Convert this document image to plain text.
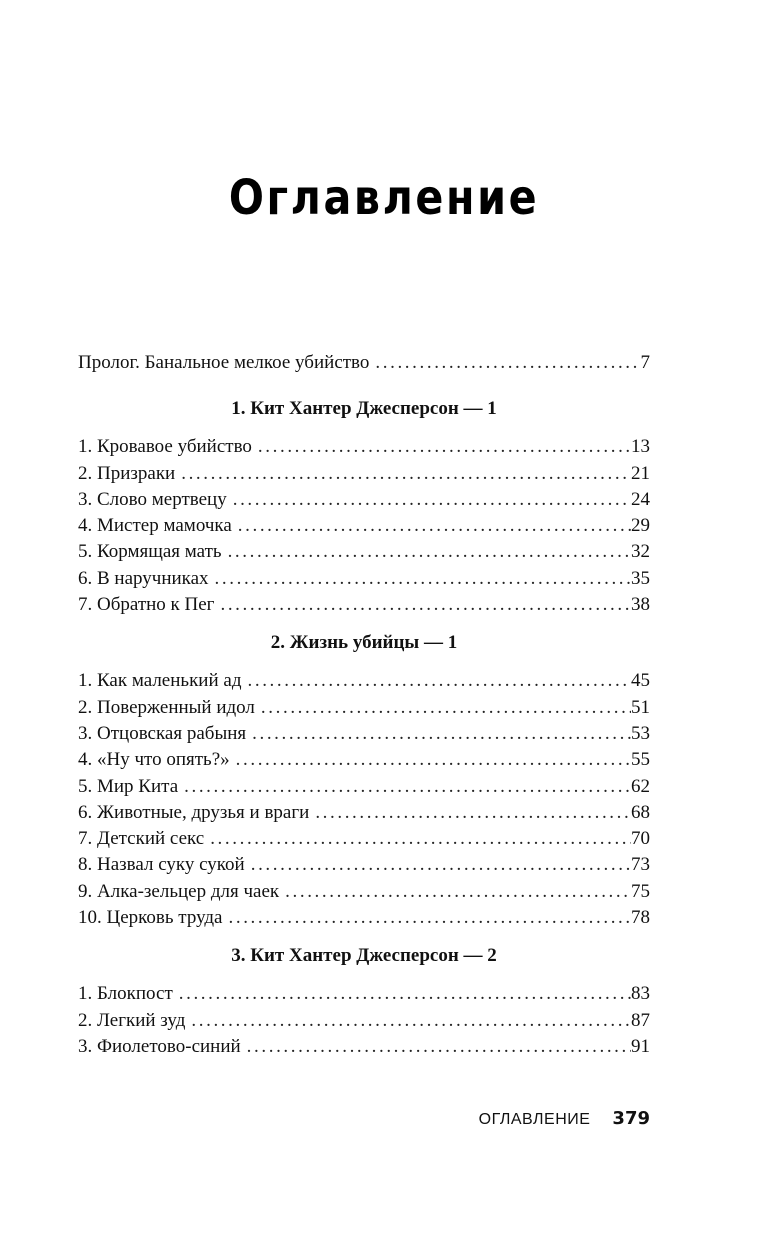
Оглавление
Пролог. Банальное мелкое убийство .....	7
1. Кит Хантер Джесперсон — 1
1. Кровавое убийство .....	13
2. Призраки .....	21
3. Слово мертвецу .....	24
4. Мистер мамочка .....	29
5. Кормящая мать .....	32
6. В наручниках .....	35
7. Обратно к Пег .....	38
2. Жизнь убийцы — 1
1. Как маленький ад .....	45
2. Поверженный идол .....	51
3. Отцовская рабыня .....	53
4. «Ну что опять?» .....	55
5. Мир Кита .....	62
6. Животные, друзья и враги .....	68
7. Детский секс .....	70
8. Назвал суку сукой .....	73
9. Алка-зельцер для чаек .....	75
10. Церковь труда .....	78
3. Кит Хантер Джесперсон — 2
1. Блокпост .....	83
2. Легкий зуд .....	87
3. Фиолетово-синий .....	91
ОГЛАВЛЕНИЕ 379
